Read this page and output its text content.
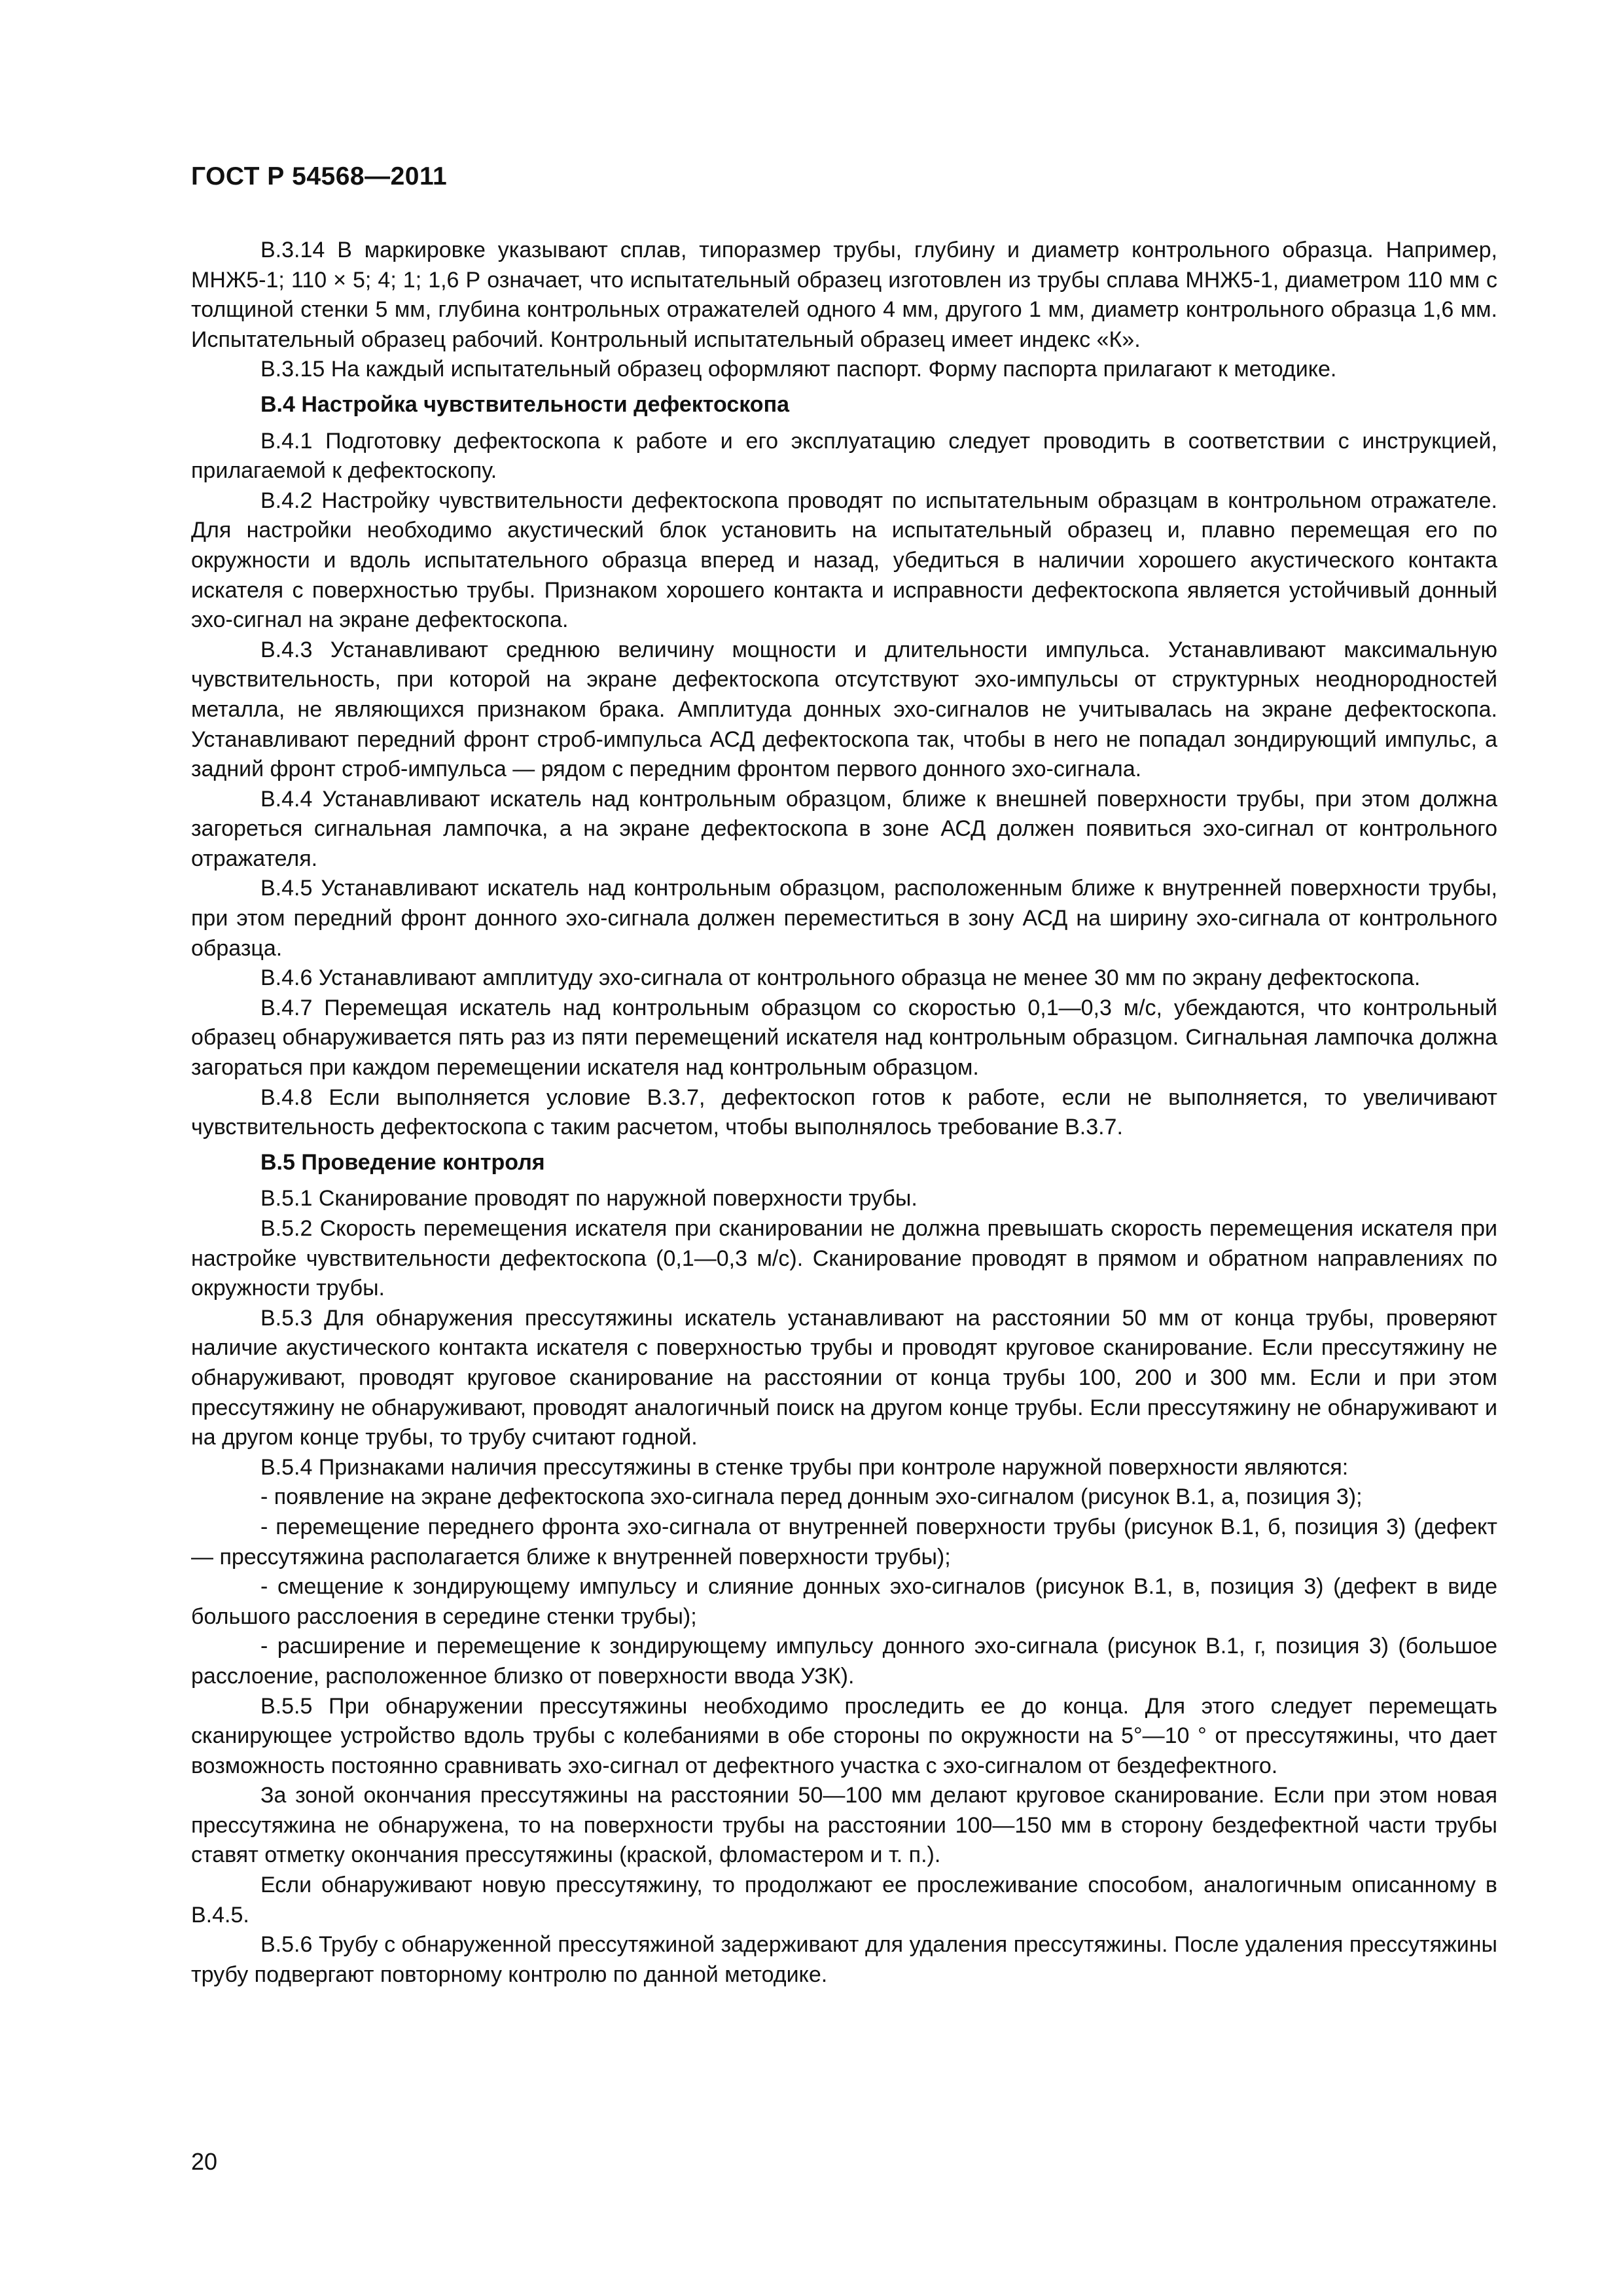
ГОСТ Р 54568—2011

B.3.14 В маркировке указывают сплав, типоразмер трубы, глубину и диаметр контрольного образца. Например, МНЖ5-1; 110 × 5; 4; 1; 1,6 Р означает, что испытательный образец изготовлен из трубы сплава МНЖ5-1, диаметром 110 мм с толщиной стенки 5 мм, глубина контрольных отражателей одного 4 мм, другого 1 мм, диаметр контрольного образца 1,6 мм. Испытательный образец рабочий. Контрольный испытательный образец имеет индекс «К».

В.3.15 На каждый испытательный образец оформляют паспорт. Форму паспорта прилагают к методике.

В.4 Настройка чувствительности дефектоскопа

В.4.1 Подготовку дефектоскопа к работе и его эксплуатацию следует проводить в соответствии с инструкцией, прилагаемой к дефектоскопу.

В.4.2 Настройку чувствительности дефектоскопа проводят по испытательным образцам в контрольном отражателе. Для настройки необходимо акустический блок установить на испытательный образец и, плавно перемещая его по окружности и вдоль испытательного образца вперед и назад, убедиться в наличии хорошего акустического контакта искателя с поверхностью трубы. Признаком хорошего контакта и исправности дефектоскопа является устойчивый донный эхо-сигнал на экране дефектоскопа.

В.4.3 Устанавливают среднюю величину мощности и длительности импульса. Устанавливают максимальную чувствительность, при которой на экране дефектоскопа отсутствуют эхо-импульсы от структурных неоднородностей металла, не являющихся признаком брака. Амплитуда донных эхо-сигналов не учитывалась на экране дефектоскопа. Устанавливают передний фронт строб-импульса АСД дефектоскопа так, чтобы в него не попадал зондирующий импульс, а задний фронт строб-импульса — рядом с передним фронтом первого донного эхо-сигнала.

В.4.4 Устанавливают искатель над контрольным образцом, ближе к внешней поверхности трубы, при этом должна загореться сигнальная лампочка, а на экране дефектоскопа в зоне АСД должен появиться эхо-сигнал от контрольного отражателя.

В.4.5 Устанавливают искатель над контрольным образцом, расположенным ближе к внутренней поверхности трубы, при этом передний фронт донного эхо-сигнала должен переместиться в зону АСД на ширину эхо-сигнала от контрольного образца.

В.4.6 Устанавливают амплитуду эхо-сигнала от контрольного образца не менее 30 мм по экрану дефектоскопа.

В.4.7 Перемещая искатель над контрольным образцом со скоростью 0,1—0,3 м/с, убеждаются, что контрольный образец обнаруживается пять раз из пяти перемещений искателя над контрольным образцом. Сигнальная лампочка должна загораться при каждом перемещении искателя над контрольным образцом.

В.4.8 Если выполняется условие В.3.7, дефектоскоп готов к работе, если не выполняется, то увеличивают чувствительность дефектоскопа с таким расчетом, чтобы выполнялось требование В.3.7.

В.5 Проведение контроля

В.5.1 Сканирование проводят по наружной поверхности трубы.

В.5.2 Скорость перемещения искателя при сканировании не должна превышать скорость перемещения искателя при настройке чувствительности дефектоскопа (0,1—0,3 м/с). Сканирование проводят в прямом и обратном направлениях по окружности трубы.

В.5.3 Для обнаружения прессутяжины искатель устанавливают на расстоянии 50 мм от конца трубы, проверяют наличие акустического контакта искателя с поверхностью трубы и проводят круговое сканирование. Если прессутяжину не обнаруживают, проводят круговое сканирование на расстоянии от конца трубы 100, 200 и 300 мм. Если и при этом прессутяжину не обнаруживают, проводят аналогичный поиск на другом конце трубы. Если прессутяжину не обнаруживают и на другом конце трубы, то трубу считают годной.

В.5.4 Признаками наличия прессутяжины в стенке трубы при контроле наружной поверхности являются:

- появление на экране дефектоскопа эхо-сигнала перед донным эхо-сигналом (рисунок В.1, а, позиция 3);

- перемещение переднего фронта эхо-сигнала от внутренней поверхности трубы (рисунок В.1, б, позиция 3) (дефект — прессутяжина располагается ближе к внутренней поверхности трубы);

- смещение к зондирующему импульсу и слияние донных эхо-сигналов (рисунок В.1, в, позиция 3) (дефект в виде большого расслоения в середине стенки трубы);

- расширение и перемещение к зондирующему импульсу донного эхо-сигнала (рисунок В.1, г, позиция 3) (большое расслоение, расположенное близко от поверхности ввода УЗК).

В.5.5 При обнаружении прессутяжины необходимо проследить ее до конца. Для этого следует перемещать сканирующее устройство вдоль трубы с колебаниями в обе стороны по окружности на 5°—10 ° от прессутяжины, что дает возможность постоянно сравнивать эхо-сигнал от дефектного участка с эхо-сигналом от бездефектного.

За зоной окончания прессутяжины на расстоянии 50—100 мм делают круговое сканирование. Если при этом новая прессутяжина не обнаружена, то на поверхности трубы на расстоянии 100—150 мм в сторону бездефектной части трубы ставят отметку окончания прессутяжины (краской, фломастером и т. п.).

Если обнаруживают новую прессутяжину, то продолжают ее прослеживание способом, аналогичным описанному в В.4.5.

В.5.6 Трубу с обнаруженной прессутяжиной задерживают для удаления прессутяжины. После удаления прессутяжины трубу подвергают повторному контролю по данной методике.

20
